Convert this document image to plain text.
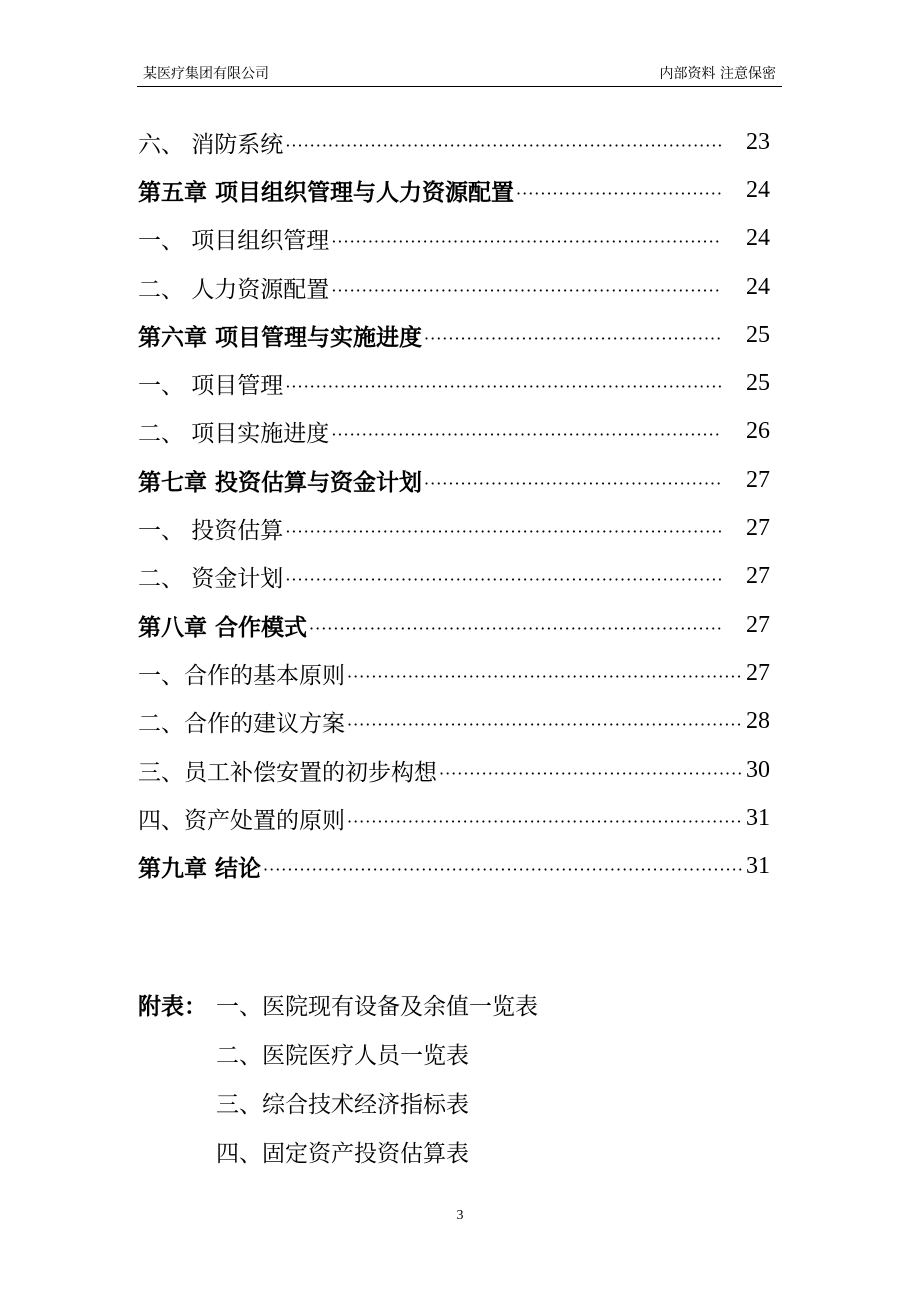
某医疗集团有限公司	内部资料 注意保密
六、 消防系统 ·····	23
第五章 项目组织管理与人力资源配置 ·····	24
一、 项目组织管理 ·····	24
二、 人力资源配置 ·····	24
第六章 项目管理与实施进度 ·····	25
一、 项目管理 ·····	25
二、 项目实施进度 ·····	26
第七章 投资估算与资金计划 ·····	27
一、 投资估算 ·····	27
二、 资金计划 ·····	27
第八章 合作模式 ·····	27
一、合作的基本原则 ·····	27
二、合作的建议方案 ·····	28
三、员工补偿安置的初步构想 ·····	30
四、资产处置的原则 ·····	31
第九章 结论 ·····	31
附表： 一、医院现有设备及余值一览表
二、医院医疗人员一览表
三、综合技术经济指标表
四、固定资产投资估算表
3
